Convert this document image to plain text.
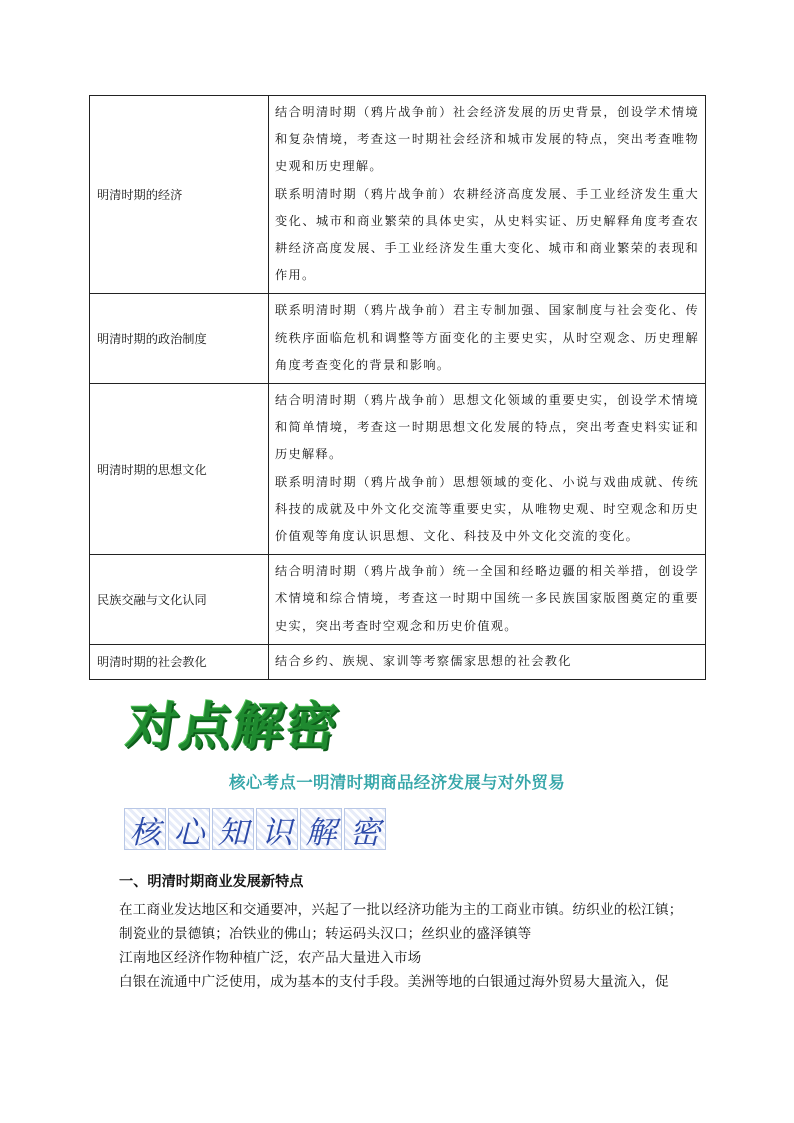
明清时期的经济	结合明清时期（鸦片战争前）社会经济发展的历史背景，创设学术情境和复杂情境，考查这一时期社会经济和城市发展的特点，突出考查唯物史观和历史理解。

联系明清时期（鸦片战争前）农耕经济高度发展、手工业经济发生重大变化、城市和商业繁荣的具体史实，从史料实证、历史解释角度考查农耕经济高度发展、手工业经济发生重大变化、城市和商业繁荣的表现和作用。

明清时期的政治制度	联系明清时期（鸦片战争前）君主专制加强、国家制度与社会变化、传统秩序面临危机和调整等方面变化的主要史实，从时空观念、历史理解角度考查变化的背景和影响。

明清时期的思想文化	结合明清时期（鸦片战争前）思想文化领域的重要史实，创设学术情境和简单情境，考查这一时期思想文化发展的特点，突出考查史料实证和历史解释。

联系明清时期（鸦片战争前）思想领域的变化、小说与戏曲成就、传统科技的成就及中外文化交流等重要史实，从唯物史观、时空观念和历史价值观等角度认识思想、文化、科技及中外文化交流的变化。

民族交融与文化认同	结合明清时期（鸦片战争前）统一全国和经略边疆的相关举措，创设学术情境和综合情境，考查这一时期中国统一多民族国家版图奠定的重要史实，突出考查时空观念和历史价值观。

明清时期的社会教化	结合乡约、族规、家训等考察儒家思想的社会教化

对点解密
核心考点一明清时期商品经济发展与对外贸易
核 心 知 识 解 密
一、明清时期商业发展新特点
在工商业发达地区和交通要冲，兴起了一批以经济功能为主的工商业市镇。纺织业的松江镇；
制瓷业的景德镇；冶铁业的佛山；转运码头汉口；丝织业的盛泽镇等
江南地区经济作物种植广泛，农产品大量进入市场
白银在流通中广泛使用，成为基本的支付手段。美洲等地的白银通过海外贸易大量流入，促
